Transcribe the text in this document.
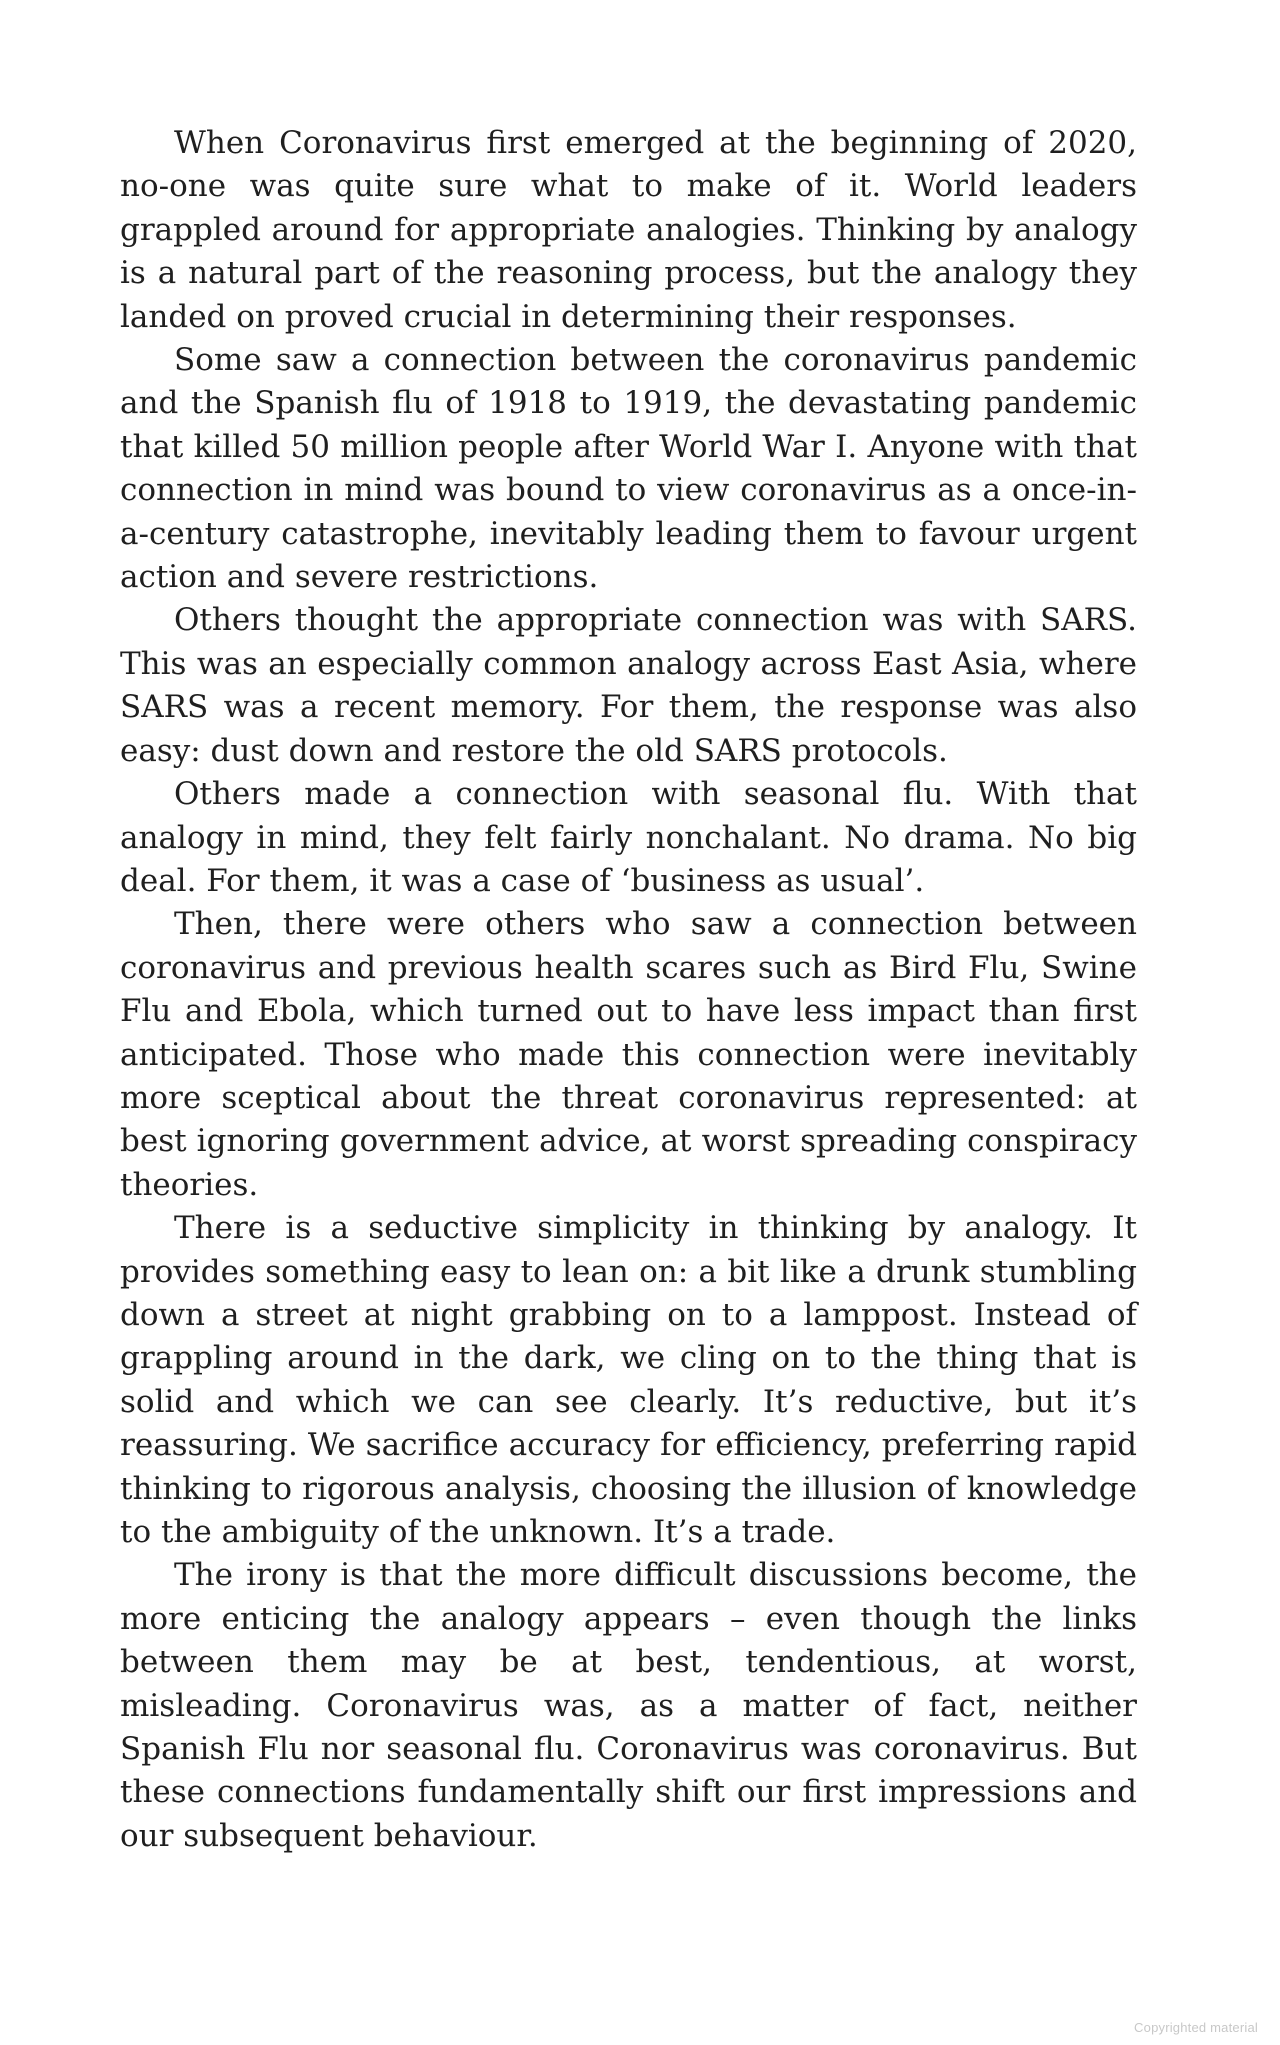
When Coronavirus first emerged at the beginning of 2020, no-one was quite sure what to make of it. World leaders grappled around for appropriate analogies. Thinking by analogy is a natural part of the reasoning process, but the analogy they landed on proved crucial in determining their responses.

Some saw a connection between the coronavirus pandemic and the Spanish flu of 1918 to 1919, the devastating pandemic that killed 50 million people after World War I. Anyone with that connection in mind was bound to view coronavirus as a once-in-a-century catastrophe, inevitably leading them to favour urgent action and severe restrictions.

Others thought the appropriate connection was with SARS. This was an especially common analogy across East Asia, where SARS was a recent memory. For them, the response was also easy: dust down and restore the old SARS protocols.

Others made a connection with seasonal flu. With that analogy in mind, they felt fairly nonchalant. No drama. No big deal. For them, it was a case of ‘business as usual’.

Then, there were others who saw a connection between coronavirus and previous health scares such as Bird Flu, Swine Flu and Ebola, which turned out to have less impact than first anticipated. Those who made this connection were inevitably more sceptical about the threat coronavirus represented: at best ignoring government advice, at worst spreading conspiracy theories.

There is a seductive simplicity in thinking by analogy. It provides something easy to lean on: a bit like a drunk stumbling down a street at night grabbing on to a lamppost. Instead of grappling around in the dark, we cling on to the thing that is solid and which we can see clearly. It’s reductive, but it’s reassuring. We sacrifice accuracy for efficiency, preferring rapid thinking to rigorous analysis, choosing the illusion of knowledge to the ambiguity of the unknown. It’s a trade.

The irony is that the more difficult discussions become, the more enticing the analogy appears – even though the links between them may be at best, tendentious, at worst, misleading. Coronavirus was, as a matter of fact, neither Spanish Flu nor seasonal flu. Coronavirus was coronavirus. But these connections fundamentally shift our first impressions and our subsequent behaviour.

Copyrighted material
